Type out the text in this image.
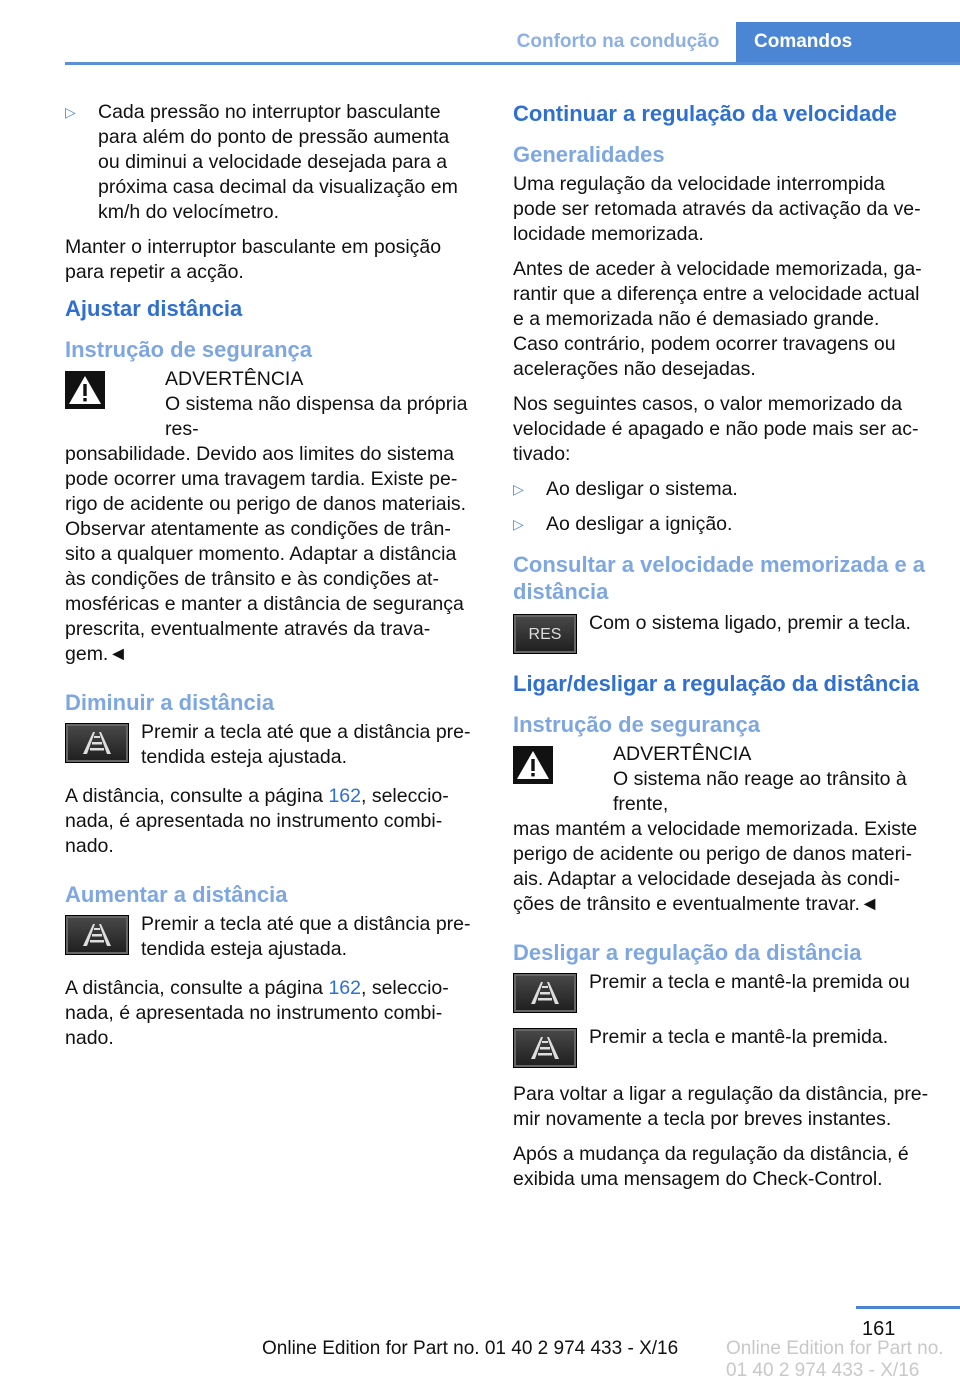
Conforto na condução	Comandos
▷	Cada pressão no interruptor basculante para além do ponto de pressão aumenta ou diminui a velocidade desejada para a próxima casa decimal da visualização em km/h do velocímetro.

Manter o interruptor basculante em posição para repetir a acção.

Ajustar distância
Instrução de segurança
ADVERTÊNCIA
O sistema não dispensa da própria res-
ponsabilidade. Devido aos limites do sistema pode ocorrer uma travagem tardia. Existe perigo de acidente ou perigo de danos materiais. Observar atentamente as condições de trânsito a qualquer momento. Adaptar a distância às condições de trânsito e às condições atmosféricas e manter a distância de segurança prescrita, eventualmente através da travagem.◄
Diminuir a distância
Premir a tecla até que a distância pretendida esteja ajustada.

A distância, consulte a página 162, seleccionada, é apresentada no instrumento combinado.

Aumentar a distância
Premir a tecla até que a distância pretendida esteja ajustada.

A distância, consulte a página 162, seleccionada, é apresentada no instrumento combinado.

Continuar a regulação da velocidade
Generalidades

Uma regulação da velocidade interrompida pode ser retomada através da activação da velocidade memorizada.

Antes de aceder à velocidade memorizada, garantir que a diferença entre a velocidade actual e a memorizada não é demasiado grande. Caso contrário, podem ocorrer travagens ou acelerações não desejadas.

Nos seguintes casos, o valor memorizado da velocidade é apagado e não pode mais ser activado:

▷	Ao desligar o sistema.
▷	Ao desligar a ignição.
Consultar a velocidade memorizada e a distância
RES Com o sistema ligado, premir a tecla.
Ligar/desligar a regulação da distância
Instrução de segurança
ADVERTÊNCIA
O sistema não reage ao trânsito à frente,
mas mantém a velocidade memorizada. Existe perigo de acidente ou perigo de danos materiais. Adaptar a velocidade desejada às condições de trânsito e eventualmente travar.◄
Desligar a regulação da distância
Premir a tecla e mantê-la premida ou
Premir a tecla e mantê-la premida.

Para voltar a ligar a regulação da distância, premir novamente a tecla por breves instantes.

Após a mudança da regulação da distância, é exibida uma mensagem do Check-Control.

161
Online Edition for Part no. 01 40 2 974 433 - X/16	Online Edition for Part no. 01 40 2 974 433 - X/16
